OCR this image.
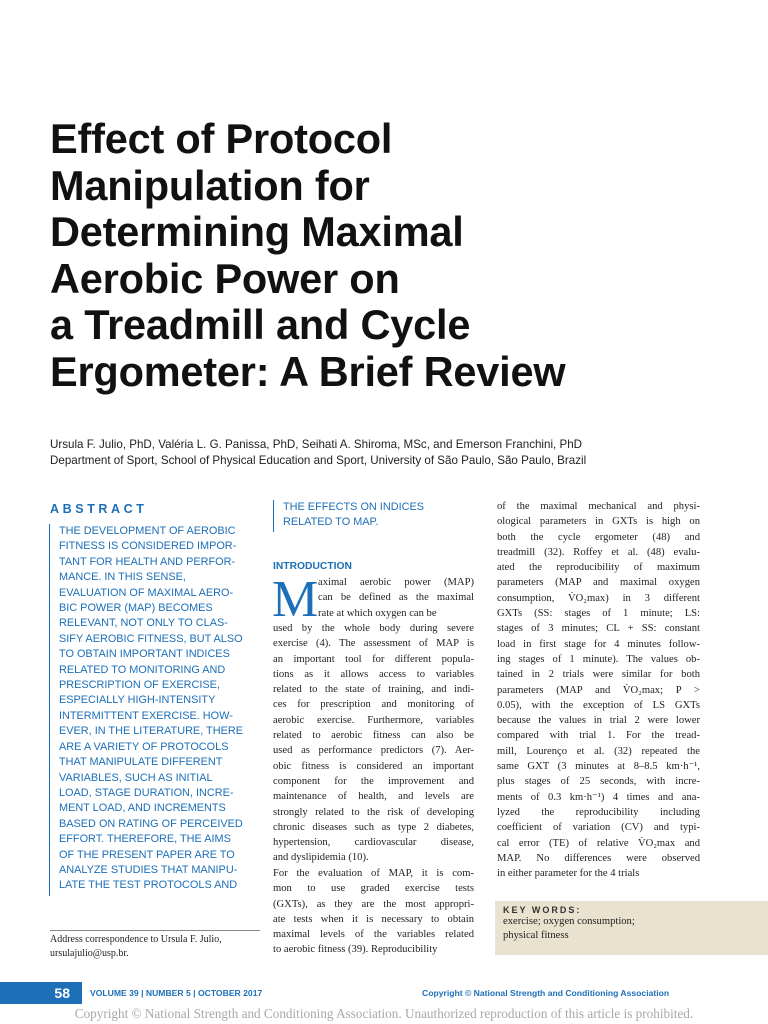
Effect of Protocol
Manipulation for
Determining Maximal
Aerobic Power on
a Treadmill and Cycle
Ergometer: A Brief Review
Ursula F. Julio, PhD, Valéria L. G. Panissa, PhD, Seihati A. Shiroma, MSc, and Emerson Franchini, PhD
Department of Sport, School of Physical Education and Sport, University of São Paulo, São Paulo, Brazil
ABSTRACT
THE DEVELOPMENT OF AEROBIC
FITNESS IS CONSIDERED IMPOR-
TANT FOR HEALTH AND PERFOR-
MANCE. IN THIS SENSE,
EVALUATION OF MAXIMAL AERO-
BIC POWER (MAP) BECOMES
RELEVANT, NOT ONLY TO CLAS-
SIFY AEROBIC FITNESS, BUT ALSO
TO OBTAIN IMPORTANT INDICES
RELATED TO MONITORING AND
PRESCRIPTION OF EXERCISE,
ESPECIALLY HIGH-INTENSITY
INTERMITTENT EXERCISE. HOW-
EVER, IN THE LITERATURE, THERE
ARE A VARIETY OF PROTOCOLS
THAT MANIPULATE DIFFERENT
VARIABLES, SUCH AS INITIAL
LOAD, STAGE DURATION, INCRE-
MENT LOAD, AND INCREMENTS
BASED ON RATING OF PERCEIVED
EFFORT. THEREFORE, THE AIMS
OF THE PRESENT PAPER ARE TO
ANALYZE STUDIES THAT MANIPU-
LATE THE TEST PROTOCOLS AND
THE EFFECTS ON INDICES
RELATED TO MAP.
Address correspondence to Ursula F. Julio,
ursulajulio@usp.br.
INTRODUCTION
M aximal aerobic power (MAP)
can be defined as the maximal
rate at which oxygen can be
used by the whole body during severe
exercise (4). The assessment of MAP is
an important tool for different popula-
tions as it allows access to variables
related to the state of training, and indi-
ces for prescription and monitoring of
aerobic exercise. Furthermore, variables
related to aerobic fitness can also be
used as performance predictors (7). Aer-
obic fitness is considered an important
component for the improvement and
maintenance of health, and levels are
strongly related to the risk of developing
chronic diseases such as type 2 diabetes,
hypertension, cardiovascular disease,
and dyslipidemia (10).
For the evaluation of MAP, it is com-
mon to use graded exercise tests
(GXTs), as they are the most appropri-
ate tests when it is necessary to obtain
maximal levels of the variables related
to aerobic fitness (39). Reproducibility
of the maximal mechanical and physi-
ological parameters in GXTs is high on
both the cycle ergometer (48) and
treadmill (32). Roffey et al. (48) evalu-
ated the reproducibility of maximum
parameters (MAP and maximal oxygen
consumption, V̇O₂max) in 3 different
GXTs (SS: stages of 1 minute; LS:
stages of 3 minutes; CL + SS: constant
load in first stage for 4 minutes follow-
ing stages of 1 minute). The values ob-
tained in 2 trials were similar for both
parameters (MAP and V̇O₂max; P >
0.05), with the exception of LS GXTs
because the values in trial 2 were lower
compared with trial 1. For the tread-
mill, Lourenço et al. (32) repeated the
same GXT (3 minutes at 8–8.5 km·h⁻¹,
plus stages of 25 seconds, with incre-
ments of 0.3 km·h⁻¹) 4 times and ana-
lyzed the reproducibility including
coefficient of variation (CV) and typi-
cal error (TE) of relative V̇O₂max and
MAP. No differences were observed
in either parameter for the 4 trials
KEY WORDS:
exercise; oxygen consumption;
physical fitness
58	VOLUME 39 | NUMBER 5 | OCTOBER 2017	Copyright © National Strength and Conditioning Association
Copyright © National Strength and Conditioning Association. Unauthorized reproduction of this article is prohibited.
